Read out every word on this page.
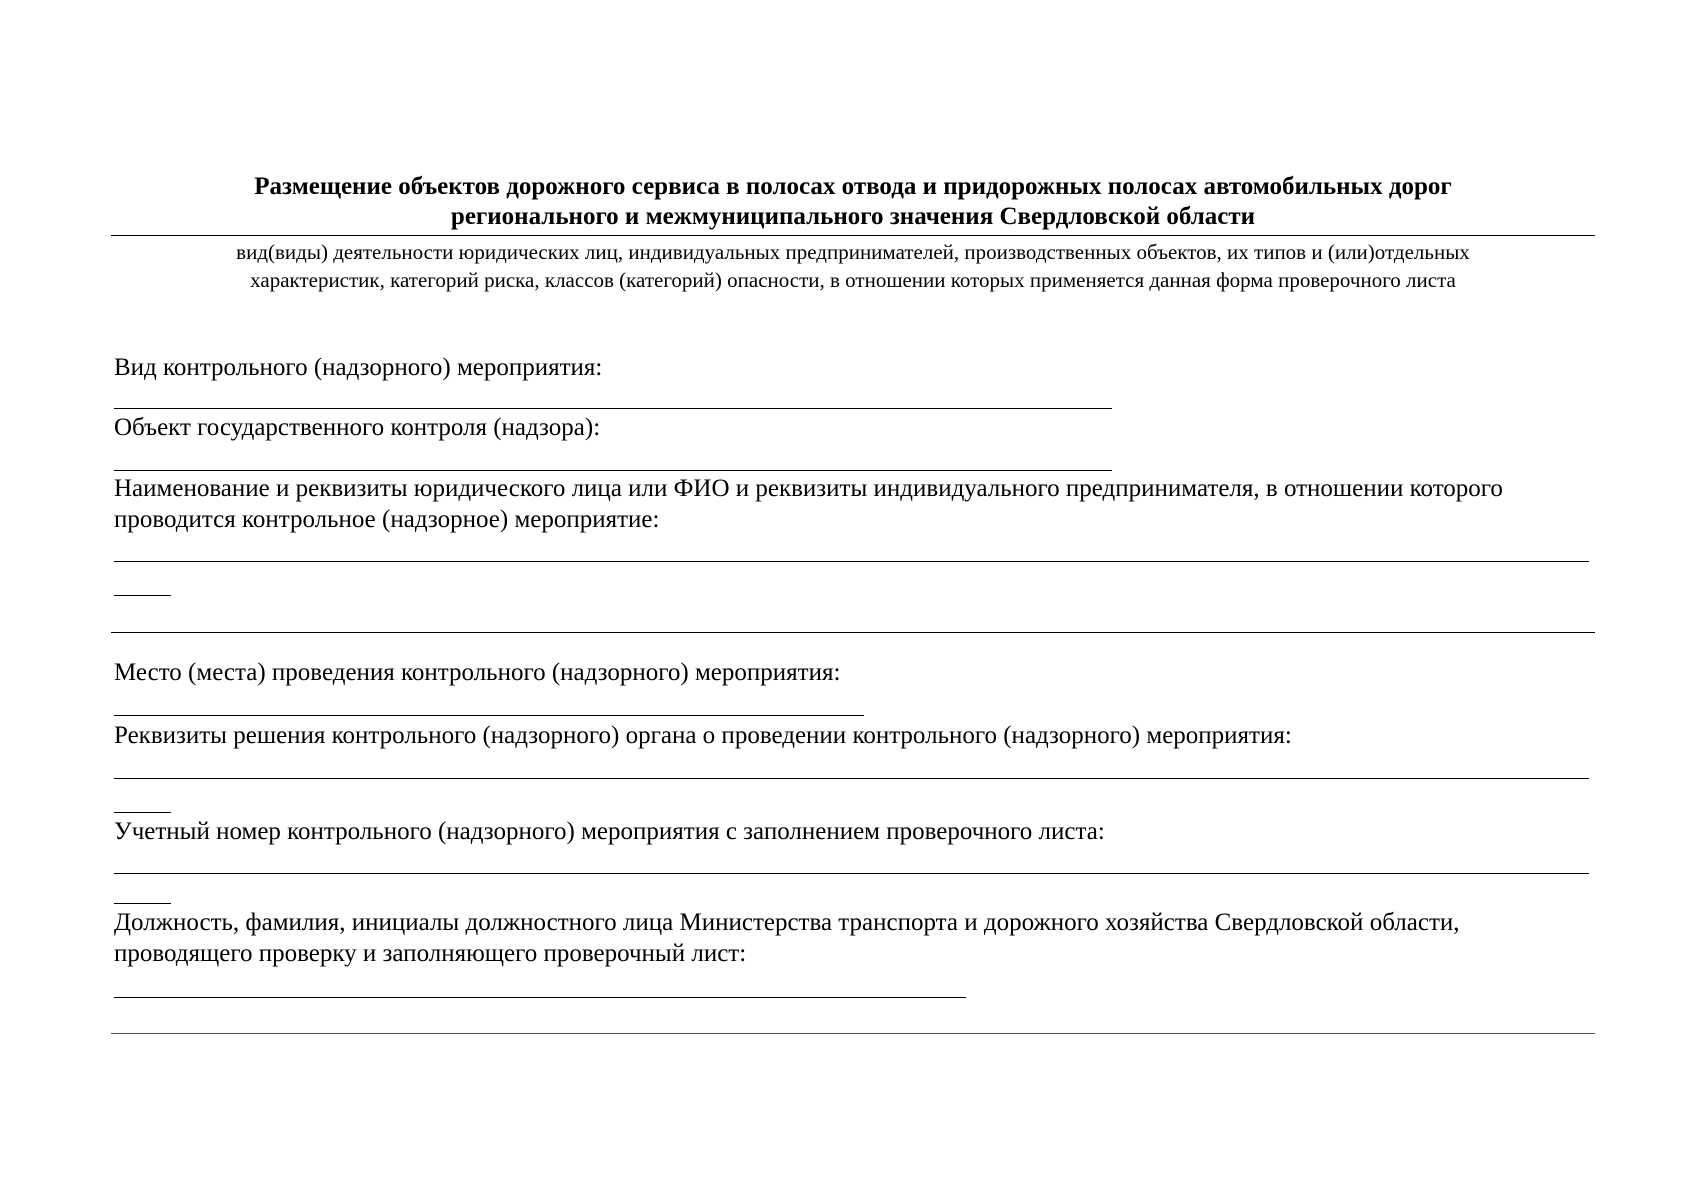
Размещение объектов дорожного сервиса в полосах отвода и придорожных полосах автомобильных дорог
регионального и межмуниципального значения Свердловской области
вид(виды) деятельности юридических лиц, индивидуальных предпринимателей, производственных объектов, их типов и (или)отдельных
характеристик, категорий риска, классов (категорий) опасности, в отношении которых применяется данная форма проверочного листа
Вид контрольного (надзорного) мероприятия:
Объект государственного контроля (надзора):
Наименование и реквизиты юридического лица или ФИО и реквизиты индивидуального предпринимателя, в отношении которого проводится контрольное (надзорное) мероприятие:
Место (места) проведения контрольного (надзорного) мероприятия:
Реквизиты решения контрольного (надзорного) органа о проведении контрольного (надзорного) мероприятия:
Учетный номер контрольного (надзорного) мероприятия с заполнением проверочного листа:
Должность, фамилия, инициалы должностного лица Министерства транспорта и дорожного хозяйства Свердловской области, проводящего проверку и заполняющего проверочный лист:
